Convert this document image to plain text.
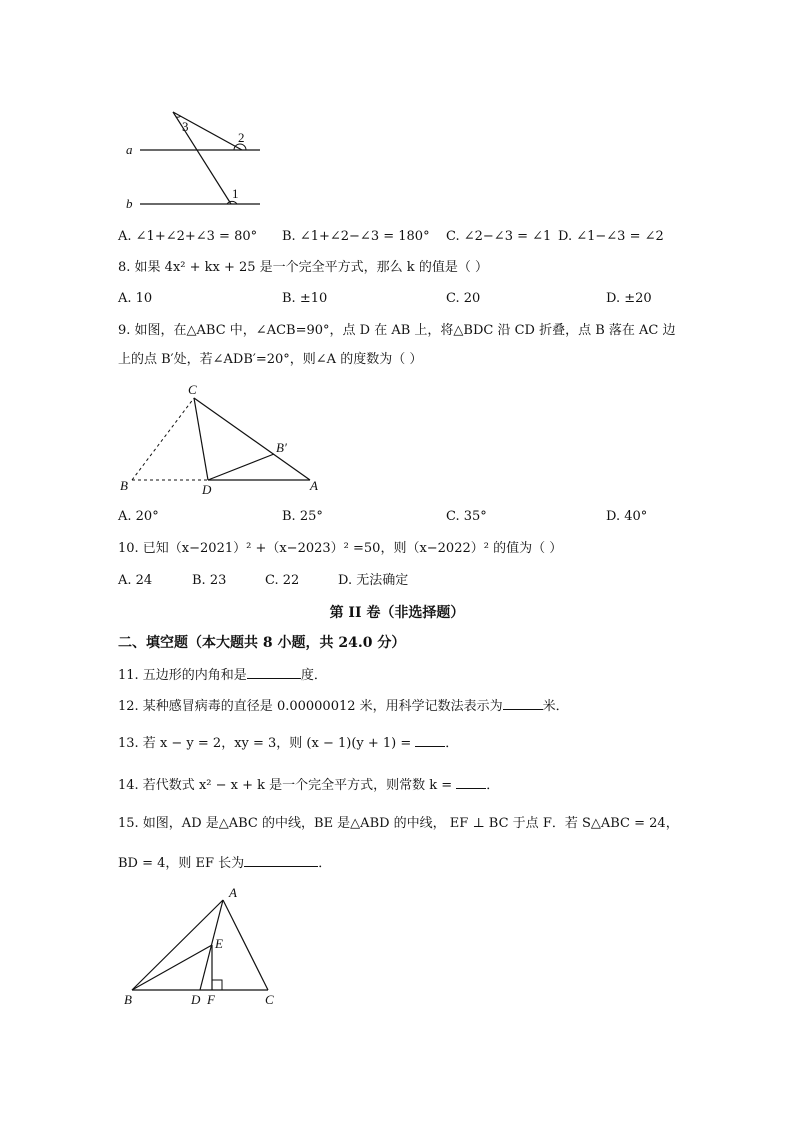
a
b
1
2
3
A. ∠1+∠2+∠3 = 80° B. ∠1+∠2−∠3 = 180° C. ∠2−∠3 = ∠1 D. ∠1−∠3 = ∠2
8. 如果 4x² + kx + 25 是一个完全平方式，那么 k 的值是（ ）
A. 10	B. ±10	C. 20	D. ±20
9. 如图，在△ABC 中，∠ACB=90°，点 D 在 AB 上，将△BDC 沿 CD 折叠，点 B 落在 AC 边
上的点 B′处，若∠ADB′=20°，则∠A 的度数为（ ）
C
B′
B	D	A
A. 20°	B. 25°	C. 35°	D. 40°
10. 已知（x−2021）² +（x−2023）² =50，则（x−2022）² 的值为（ ）
A. 24	B. 23	C. 22	D. 无法确定
第 II 卷（非选择题）
二、填空题（本大题共 8 小题，共 24.0 分）
11. 五边形的内角和是	度．
12. 某种感冒病毒的直径是 0.00000012 米，用科学记数法表示为	米．
13. 若 x − y = 2，xy = 3，则 (x − 1)(y + 1) =	．
14. 若代数式 x² − x + k 是一个完全平方式，则常数 k =	．
15. 如图，AD 是△ABC 的中线，BE 是△ABD 的中线， EF ⊥ BC 于点 F．若 S△ABC = 24，
BD = 4，则 EF 长为	．
A
E
B	D F	C
